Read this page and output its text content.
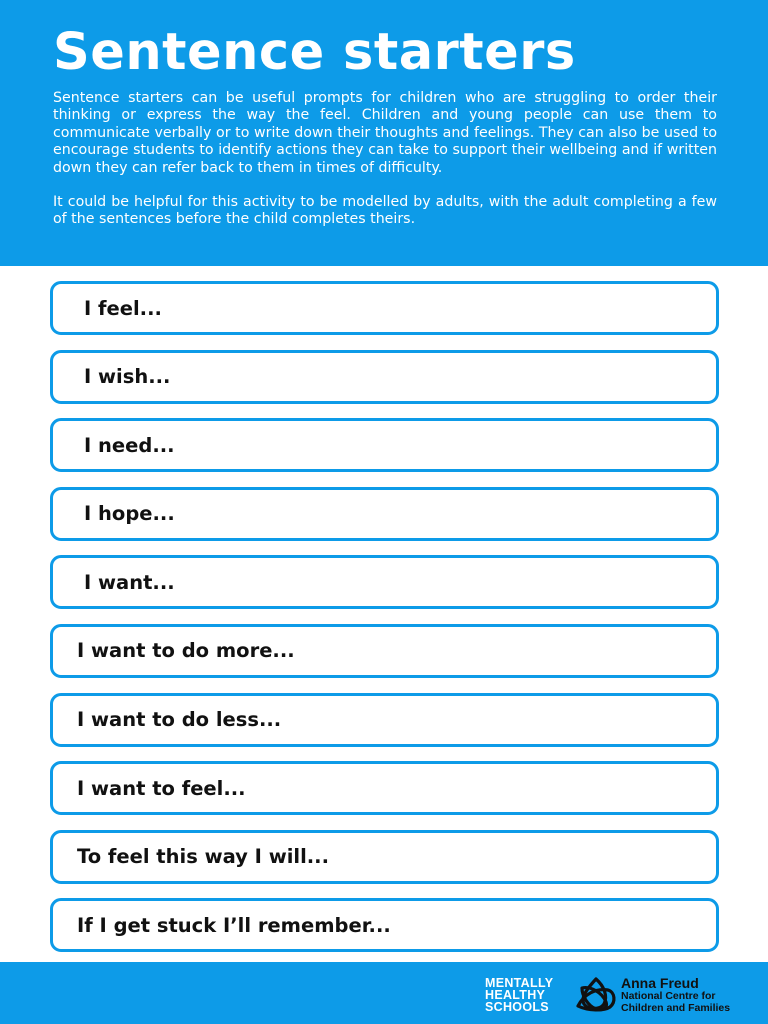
Sentence starters

Sentence starters can be useful prompts for children who are struggling to order their thinking or express the way the feel. Children and young people can use them to communicate verbally or to write down their thoughts and feelings. They can also be used to encourage students to identify actions they can take to support their wellbeing and if written down they can refer back to them in times of difficulty.

It could be helpful for this activity to be modelled by adults, with the adult completing a few of the sentences before the child completes theirs.

I feel...
I wish...
I need...
I hope...
I want...
I want to do more...
I want to do less...
I want to feel...
To feel this way I will...
If I get stuck I’ll remember...
MENTALLY
HEALTHY
SCHOOLS
Anna Freud
National Centre for
Children and Families
